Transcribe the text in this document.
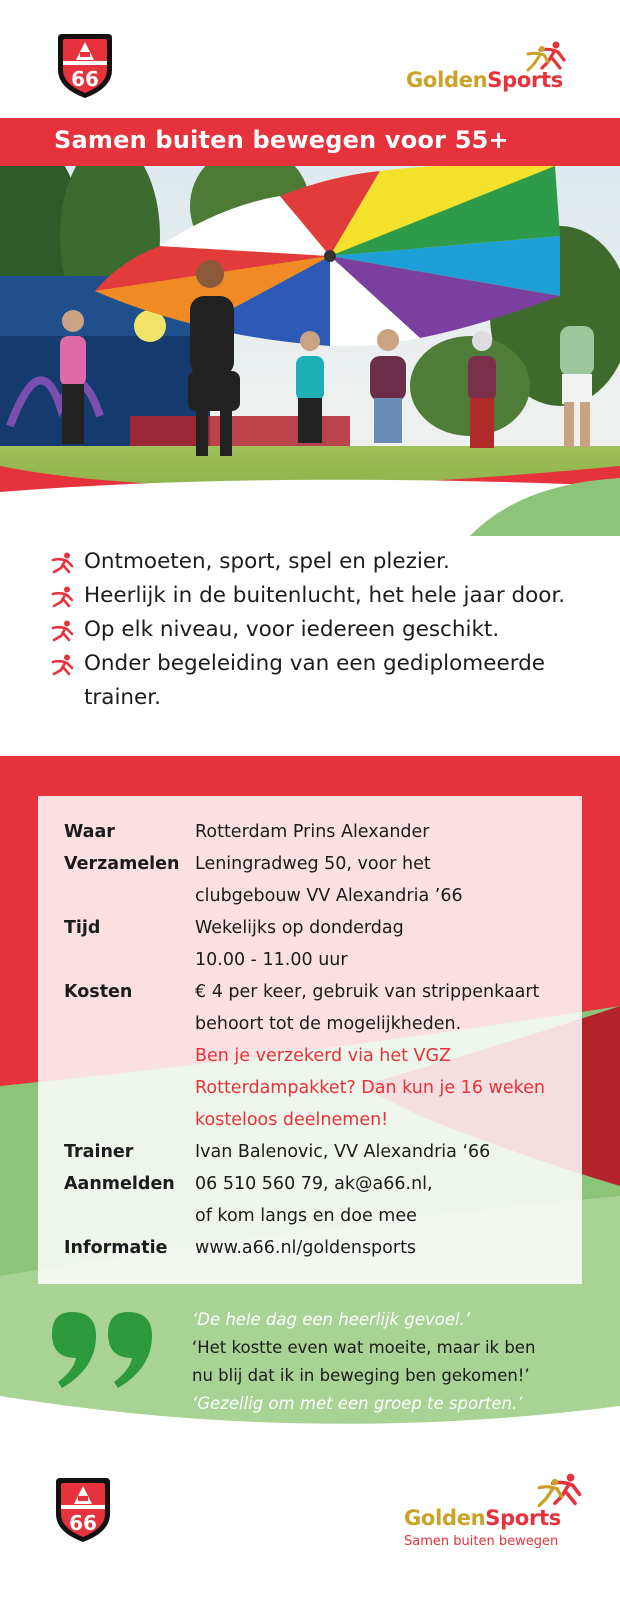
66	GoldenSports
Samen buiten bewegen voor 55+
Ontmoeten, sport, spel en plezier.
Heerlijk in de buitenlucht, het hele jaar door.
Op elk niveau, voor iedereen geschikt.
Onder begeleiding van een gediplomeerde
trainer.
Waar	Rotterdam Prins Alexander
Verzamelen Leningradweg 50, voor het
clubgebouw VV Alexandria ’66
Tijd	Wekelijks op donderdag
10.00 - 11.00 uur
Kosten	€ 4 per keer, gebruik van strippenkaart
behoort tot de mogelijkheden.
Ben je verzekerd via het VGZ
Rotterdampakket? Dan kun je 16 weken
kosteloos deelnemen!
Trainer	Ivan Balenovic, VV Alexandria ‘66
Aanmelden	06 510 560 79, ak@a66.nl,
of kom langs en doe mee
Informatie	www.a66.nl/goldensports
‘De hele dag een heerlijk gevoel.’
‘Het kostte even wat moeite, maar ik ben
nu blij dat ik in beweging ben gekomen!’
‘Gezellig om met een groep te sporten.’
66	GoldenSports
Samen buiten bewegen
